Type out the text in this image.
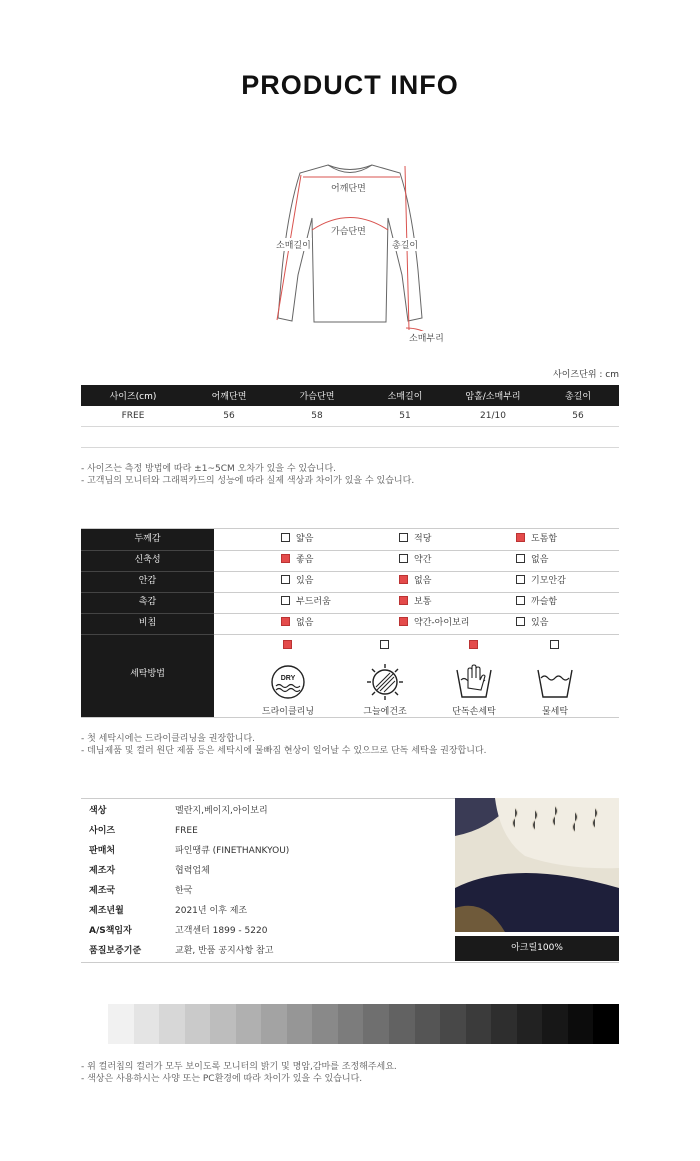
PRODUCT INFO
어깨단면
가슴단면
소매길이	총길이
소매부리
사이즈단위 : cm
사이즈(cm)	어깨단면	가슴단면	소매길이	암홀/소매부리	총길이
FREE	56	58	51	21/10	56
- 사이즈는 측정 방법에 따라 ±1~5CM 오차가 있을 수 있습니다.
- 고객님의 모니터와 그래픽카드의 성능에 따라 실제 색상과 차이가 있을 수 있습니다.
두께감	얇음	적당	도톰함
신축성	좋음	약간	없음
안감	있음	없음	기모안감
촉감	부드러움	보통	까슬함
비침	없음	약간-아이보리	있음
세탁방법	DRY
드라이클리닝	그늘에건조	단독손세탁	물세탁
- 첫 세탁시에는 드라이클리닝을 권장합니다.
- 데님제품 및 컬러 원단 제품 등은 세탁시에 물빠짐 현상이 일어날 수 있으므로 단독 세탁을 권장합니다.
색상	멜란지,베이지,아이보리
사이즈	FREE
판매처	파인땡큐 (FINETHANKYOU)
제조자	협력업체
제조국	한국
제조년월	2021년 이후 제조
A/S책임자	고객센터 1899 - 5220
품질보증기준	교환, 반품 공지사항 참고	아크릴100%
- 위 컬러칩의 컬러가 모두 보이도록 모니터의 밝기 및 명암,감마를 조정해주세요.
- 색상은 사용하시는 사양 또는 PC환경에 따라 차이가 있을 수 있습니다.
